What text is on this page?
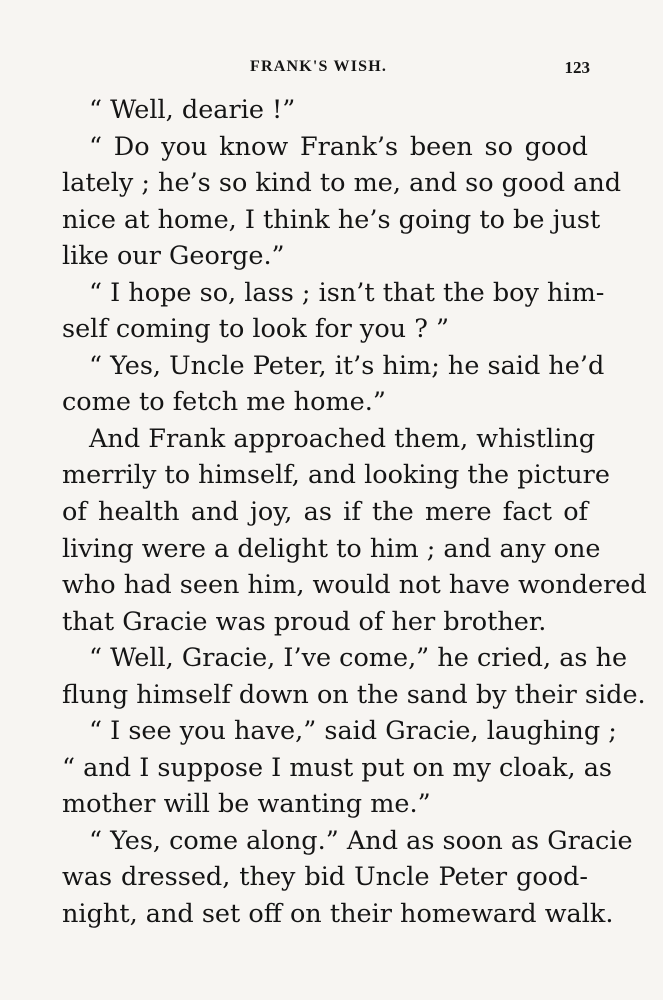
FRANK'S WISH.	123
“ Well, dearie !”
“ Do you know Frank’s been so good
lately ; he’s so kind to me, and so good and
nice at home, I think he’s going to be just
like our George.”
“ I hope so, lass ; isn’t that the boy him-
self coming to look for you ? ”
“ Yes, Uncle Peter, it’s him; he said he’d
come to fetch me home.”
And Frank approached them, whistling
merrily to himself, and looking the picture
of health and joy, as if the mere fact of
living were a delight to him ; and any one
who had seen him, would not have wondered
that Gracie was proud of her brother.
“ Well, Gracie, I’ve come,” he cried, as he
flung himself down on the sand by their side.
“ I see you have,” said Gracie, laughing ;
“ and I suppose I must put on my cloak, as
mother will be wanting me.”
“ Yes, come along.” And as soon as Gracie
was dressed, they bid Uncle Peter good-
night, and set off on their homeward walk.
